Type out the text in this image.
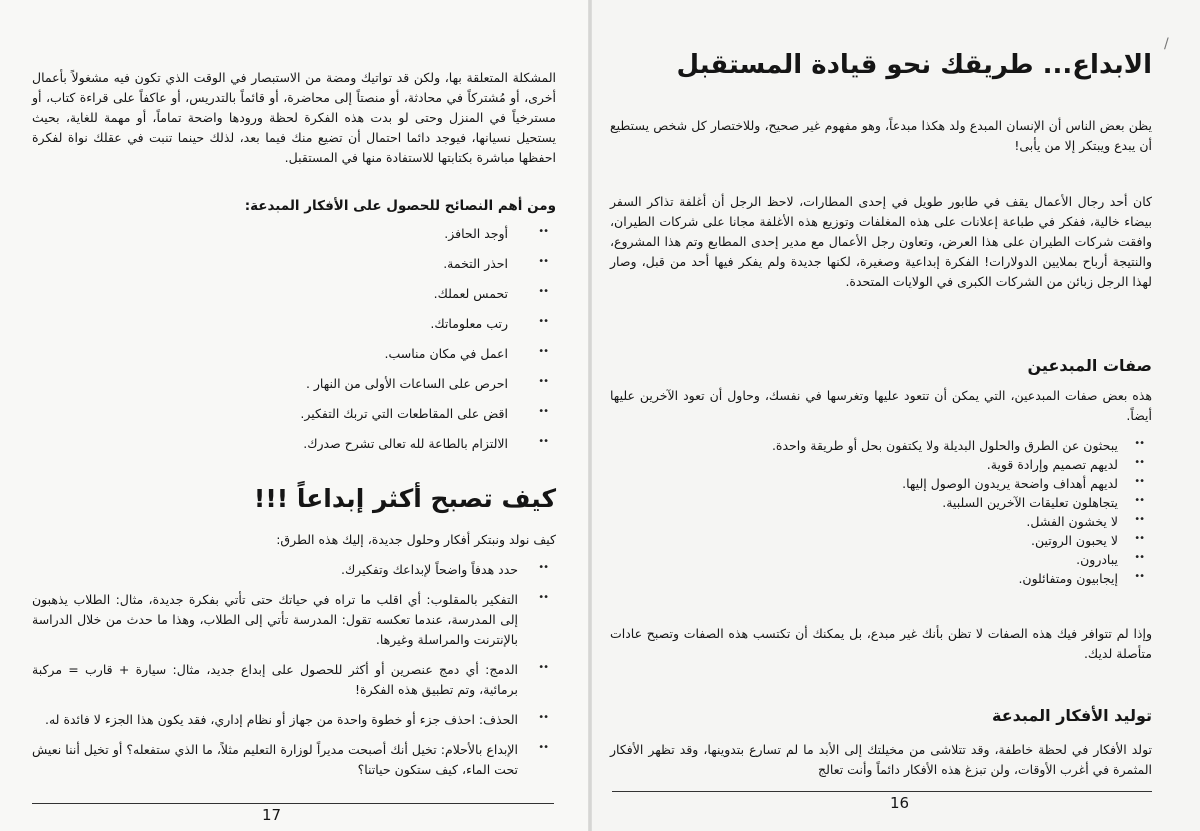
المشكلة المتعلقة بها، ولكن قد تواتيك ومضة من الاستبصار في الوقت الذي تكون فيه مشغولاً بأعمال أخرى، أو مُشتركاً في محادثة، أو منصتاً إلى محاضرة، أو قائماً بالتدريس، أو عاكفاً على قراءة كتاب، أو مسترخياً في المنزل وحتى لو بدت هذه الفكرة لحظة ورودها واضحة تماماً، أو مهمة للغاية، بحيث يستحيل نسيانها، فيوجد دائما احتمال أن تضيع منك فيما بعد، لذلك حينما تنبت في عقلك نواة لفكرة احفظها مباشرة بكتابتها للاستفادة منها في المستقبل.

ومن أهم النصائح للحصول على الأفكار المبدعة:

••
أوجد الحافز.
••
احذر التخمة.
••
تحمس لعملك.
••
رتب معلوماتك.
••
اعمل في مكان مناسب.
••
احرص على الساعات الأولى من النهار .
••
اقض على المقاطعات التي تربك التفكير.
••
الالتزام بالطاعة لله تعالى تشرح صدرك.
كيف تصبح أكثر إبداعاً !!!

كيف نولد ونبتكر أفكار وحلول جديدة، إليك هذه الطرق:

••
حدد هدفاً واضحاً لإبداعك وتفكيرك.
••
التفكير بالمقلوب: أي اقلب ما تراه في حياتك حتى تأتي بفكرة جديدة، مثال: الطلاب يذهبون إلى المدرسة، عندما تعكسه تقول: المدرسة تأتي إلى الطلاب، وهذا ما حدث من خلال الدراسة بالإنترنت والمراسلة وغيرها.
••
الدمج: أي دمج عنصرين أو أكثر للحصول على إبداع جديد، مثال: سيارة + قارب = مركبة برمائية، وتم تطبيق هذه الفكرة!
••
الحذف: احذف جزء أو خطوة واحدة من جهاز أو نظام إداري، فقد يكون هذا الجزء لا فائدة له.
••
الإبداع بالأحلام: تخيل أنك أصبحت مديراً لوزارة التعليم مثلاً، ما الذي ستفعله؟ أو تخيل أننا نعيش تحت الماء، كيف ستكون حياتنا؟
17
/
الابداع... طريقك نحو قيادة المستقبل

يظن بعض الناس أن الإنسان المبدع ولد هكذا مبدعاً، وهو مفهوم غير صحيح، وللاختصار كل شخص يستطيع أن يبدع ويبتكر إلا من يأبى!

كان أحد رجال الأعمال يقف في طابور طويل في إحدى المطارات، لاحظ الرجل أن أغلفة تذاكر السفر بيضاء خالية، ففكر في طباعة إعلانات على هذه المغلفات وتوزيع هذه الأغلفة مجانا على شركات الطيران، وافقت شركات الطيران على هذا العرض، وتعاون رجل الأعمال مع مدير إحدى المطابع وتم هذا المشروع، والنتيجة أرباح بملايين الدولارات! الفكرة إبداعية وصغيرة، لكنها جديدة ولم يفكر فيها أحد من قبل، وصار لهذا الرجل زبائن من الشركات الكبرى في الولايات المتحدة.

صفات المبدعين

هذه بعض صفات المبدعين، التي يمكن أن تتعود عليها وتغرسها في نفسك، وحاول أن تعود الآخرين عليها أيضاً.

••
يبحثون عن الطرق والحلول البديلة ولا يكتفون بحل أو طريقة واحدة.
••
لديهم تصميم وإرادة قوية.
••
لديهم أهداف واضحة يريدون الوصول إليها.
••
يتجاهلون تعليقات الآخرين السلبية.
••
لا يخشون الفشل.
••
لا يحبون الروتين.
••
يبادرون.
••
إيجابيون ومتفائلون.

وإذا لم تتوافر فيك هذه الصفات لا تظن بأنك غير مبدع، بل يمكنك أن تكتسب هذه الصفات وتصبح عادات متأصلة لديك.

توليد الأفكار المبدعة

تولد الأفكار في لحظة خاطفة، وقد تتلاشى من مخيلتك إلى الأبد ما لم تسارع بتدوينها، وقد تظهر الأفكار المثمرة في أغرب الأوقات، ولن تبزغ هذه الأفكار دائماً وأنت تعالج

16
